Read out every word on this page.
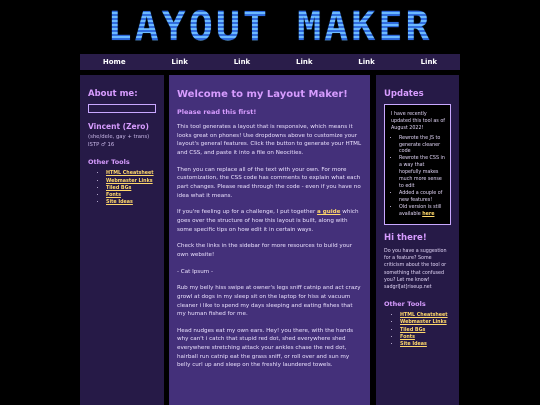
LAYOUT MAKER
Home	Link	Link	Link	Link	Link
About me:
Vincent (Zero)
(she/dele, gay + trans) ISTP ♂ 16
Other Tools
• HTML Cheatsheet
• Webmaster Links
• Tiled BGs
• Fonts
• Site Ideas
Welcome to my Layout Maker!
Please read this first!

This tool generates a layout that is responsive, which means it looks great on phones! Use dropdowns above to customize your layout's general features. Click the button to generate your HTML and CSS, and paste it into a file on Neocities.

Then you can replace all of the text with your own. For more customization, the CSS code has comments to explain what each part changes. Please read through the code - even if you have no idea what it means.

If you're feeling up for a challenge, I put together a guide which goes over the structure of how this layout is built, along with some specific tips on how edit it in certain ways.

Check the links in the sidebar for more resources to build your own website!

- Cat Ipsum -

Rub my belly hiss swipe at owner's legs sniff catnip and act crazy growl at dogs in my sleep sit on the laptop for hiss at vacuum cleaner i like to spend my days sleeping and eating fishes that my human fished for me.

Head nudges eat my own ears. Hey! you there, with the hands why can't i catch that stupid red dot, shed everywhere shed everywhere stretching attack your ankles chase the red dot, hairball run catnip eat the grass sniff, or roll over and sun my belly curl up and sleep on the freshly laundered towels.

Updates
I have recently updated this tool as of August 2022!
• Rewrote the JS to generate cleaner code
• Rewrote the CSS in a way that hopefully makes much more sense to edit
• Added a couple of new features!
• Old version is still available here
Hi there!
Do you have a suggestion for a feature? Some criticism about the tool or something that confused you? Let me know! sadgrl[at]riseup.net
Other Tools
• HTML Cheatsheet
• Webmaster Links
• Tiled BGs
• Fonts
• Site Ideas
